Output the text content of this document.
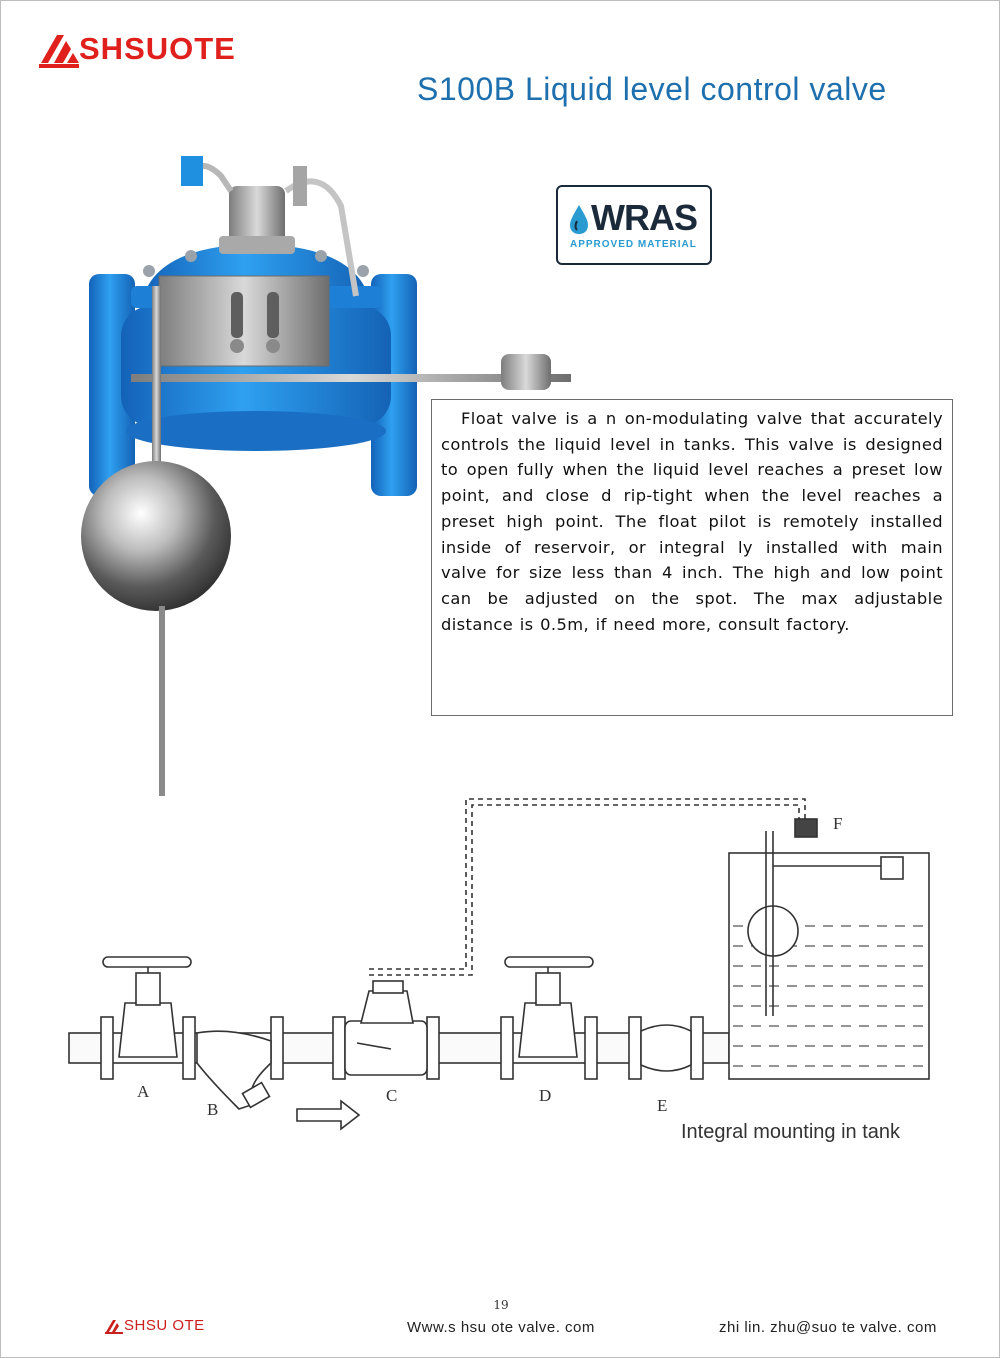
SHSUOTE
S100B Liquid level control valve
WRAS
APPROVED MATERIAL

Float valve is a n on-modulating valve that accurately controls the liquid level in tanks. This valve is designed to open fully when the liquid level reaches a preset low point, and close d rip-tight when the level reaches a preset high point. The float pilot is remotely installed inside of reservoir, or integral ly installed with main valve for size less than 4 inch. The high and low point can be adjusted on the spot. The max adjustable distance is 0.5m, if need more, consult factory.

A
B
C	D
E
F
Integral mounting in tank
19
SHSU OTE	Www.s hsu ote valve. com	zhi lin. zhu@suo te valve. com
